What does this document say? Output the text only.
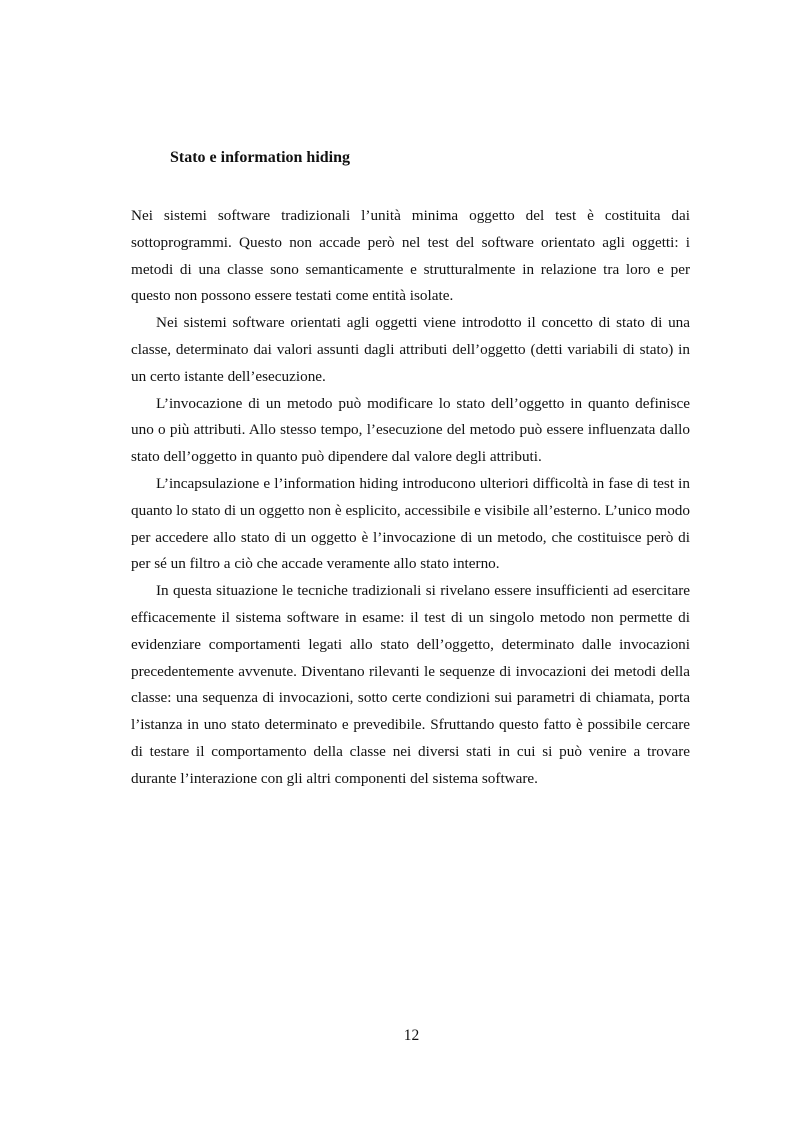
Stato e information hiding

Nei sistemi software tradizionali l’unità minima oggetto del test è costituita dai sottoprogrammi. Questo non accade però nel test del software orientato agli oggetti: i metodi di una classe sono semanticamente e strutturalmente in relazione tra loro e per questo non possono essere testati come entità isolate.

Nei sistemi software orientati agli oggetti viene introdotto il concetto di stato di una classe, determinato dai valori assunti dagli attributi dell’oggetto (detti variabili di stato) in un certo istante dell’esecuzione.

L’invocazione di un metodo può modificare lo stato dell’oggetto in quanto definisce uno o più attributi. Allo stesso tempo, l’esecuzione del metodo può essere influenzata dallo stato dell’oggetto in quanto può dipendere dal valore degli attributi.

L’incapsulazione e l’information hiding introducono ulteriori difficoltà in fase di test in quanto lo stato di un oggetto non è esplicito, accessibile e visibile all’esterno. L’unico modo per accedere allo stato di un oggetto è l’invocazione di un metodo, che costituisce però di per sé un filtro a ciò che accade veramente allo stato interno.

In questa situazione le tecniche tradizionali si rivelano essere insufficienti ad esercitare efficacemente il sistema software in esame: il test di un singolo metodo non permette di evidenziare comportamenti legati allo stato dell’oggetto, determinato dalle invocazioni precedentemente avvenute. Diventano rilevanti le sequenze di invocazioni dei metodi della classe: una sequenza di invocazioni, sotto certe condizioni sui parametri di chiamata, porta l’istanza in uno stato determinato e prevedibile. Sfruttando questo fatto è possibile cercare di testare il comportamento della classe nei diversi stati in cui si può venire a trovare durante l’interazione con gli altri componenti del sistema software.

12
